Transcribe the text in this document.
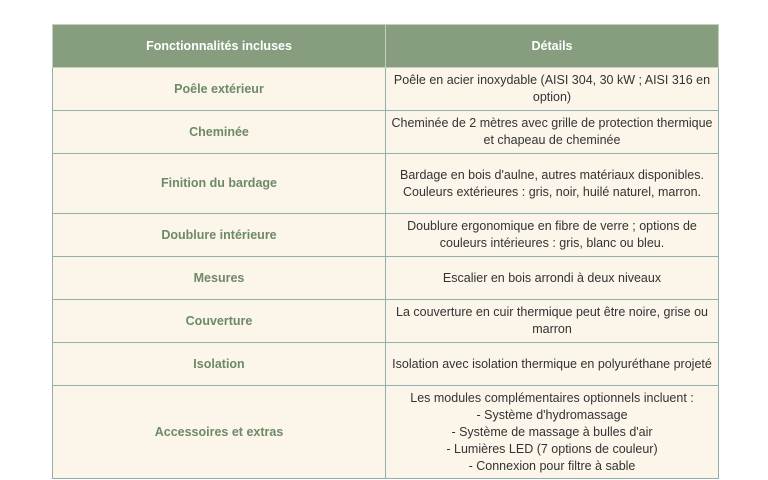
Fonctionnalités incluses	Détails
Poêle extérieur	Poêle en acier inoxydable (AISI 304, 30 kW ; AISI 316 en option)
Cheminée	Cheminée de 2 mètres avec grille de protection thermique et chapeau de cheminée
Finition du bardage	Bardage en bois d'aulne, autres matériaux disponibles. Couleurs extérieures : gris, noir, huilé naturel, marron.
Doublure intérieure	Doublure ergonomique en fibre de verre ; options de couleurs intérieures : gris, blanc ou bleu.
Mesures	Escalier en bois arrondi à deux niveaux
Couverture	La couverture en cuir thermique peut être noire, grise ou marron
Isolation	Isolation avec isolation thermique en polyuréthane projeté
Accessoires et extras	Les modules complémentaires optionnels incluent :
- Système d'hydromassage
- Système de massage à bulles d'air
- Lumières LED (7 options de couleur)
- Connexion pour filtre à sable
